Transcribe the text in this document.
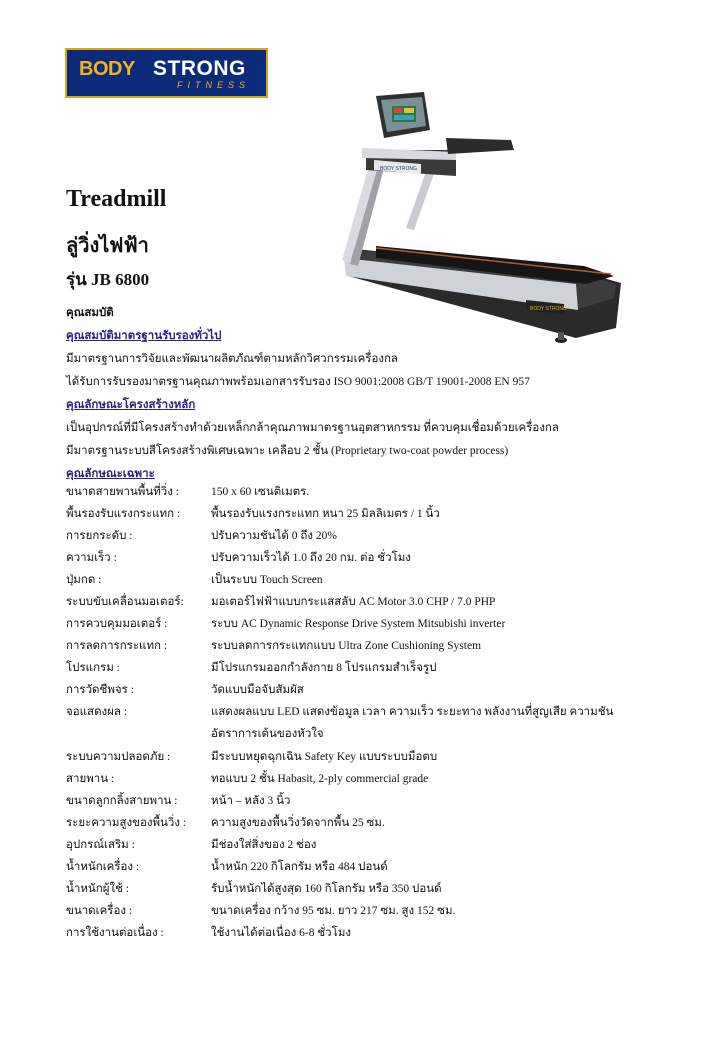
BODY STRONG
FITNESS
BODY STRONG
BODY STRONG
Treadmill
ลู่วิ่งไฟฟ้า
รุ่น JB 6800
คุณสมบัติ
คุณสมบัติมาตรฐานรับรองทั่วไป
มีมาตรฐานการวิจัยและพัฒนาผลิตภัณฑ์ตามหลักวิศวกรรมเครื่องกล
ได้รับการรับรองมาตรฐานคุณภาพพร้อมเอกสารรับรอง ISO 9001:2008 GB/T 19001-2008 EN 957
คุณลักษณะโครงสร้างหลัก
เป็นอุปกรณ์ที่มีโครงสร้างทำด้วยเหล็กกล้าคุณภาพมาตรฐานอุตสาหกรรม ที่ควบคุมเชื่อมด้วยเครื่องกล
มีมาตรฐานระบบสีโครงสร้างพิเศษเฉพาะ เคลือบ 2 ชั้น (Proprietary two-coat powder process)
คุณลักษณะเฉพาะ
ขนาดสายพานพื้นที่วิ่ง :	150 x 60 เซนติเมตร.
พื้นรองรับแรงกระแทก :	พื้นรองรับแรงกระแทก หนา 25 มิลลิเมตร / 1 นิ้ว
การยกระดับ :	ปรับความชันได้ 0 ถึง 20%
ความเร็ว :	ปรับความเร็วได้ 1.0 ถึง 20 กม. ต่อ ชั่วโมง
ปุ่มกด :	เป็นระบบ Touch Screen
ระบบขับเคลื่อนมอเตอร์: มอเตอร์ไฟฟ้าแบบกระแสสลับ AC Motor 3.0 CHP / 7.0 PHP
การควบคุมมอเตอร์ :	ระบบ AC Dynamic Response Drive System Mitsubishi inverter
การลดการกระแทก :	ระบบลดการกระแทกแบบ Ultra Zone Cushioning System
โปรแกรม :	มีโปรแกรมออกกำลังกาย 8 โปรแกรมสำเร็จรูป
การวัดชีพจร :	วัดแบบมือจับสัมผัส
จอแสดงผล :	แสดงผลแบบ LED แสดงข้อมูล เวลา ความเร็ว ระยะทาง พลังงานที่สูญเสีย ความชัน อัตราการเต้นของหัวใจ
ระบบความปลอดภัย :	มีระบบหยุดฉุกเฉิน Safety Key แบบระบบมือตบ
สายพาน :	ทอแบบ 2 ชั้น Habasit, 2-ply commercial grade
ขนาดลูกกลิ้งสายพาน :	หน้า – หลัง 3 นิ้ว
ระยะความสูงของพื้นวิ่ง : ความสูงของพื้นวิ่งวัดจากพื้น 25 ซม.
อุปกรณ์เสริม :	มีช่องใส่สิ่งของ 2 ช่อง
น้ำหนักเครื่อง :	น้ำหนัก 220 กิโลกรัม หรือ 484 ปอนด์
น้ำหนักผู้ใช้ :	รับน้ำหนักได้สูงสุด 160 กิโลกรัม หรือ 350 ปอนด์
ขนาดเครื่อง :	ขนาดเครื่อง กว้าง 95 ซม. ยาว 217 ซม. สูง 152 ซม.
การใช้งานต่อเนื่อง :	ใช้งานได้ต่อเนื่อง 6-8 ชั่วโมง
